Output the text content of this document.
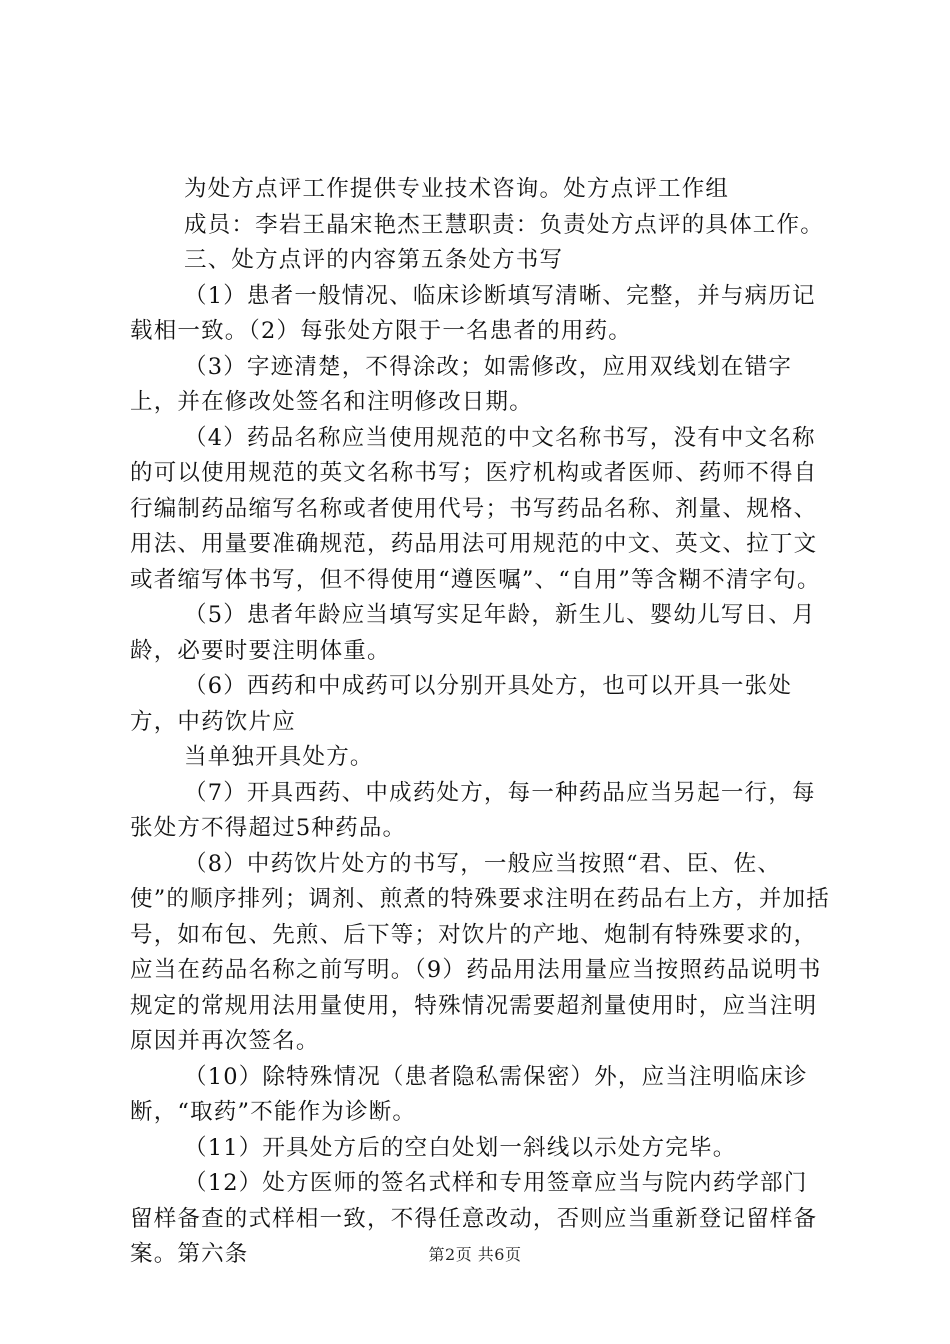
为处方点评工作提供专业技术咨询。处方点评工作组

成员：李岩王晶宋艳杰王慧职责：负责处方点评的具体工作。

三、处方点评的内容第五条处方书写

（1）患者一般情况、临床诊断填写清晰、完整，并与病历记载相一致。（2）每张处方限于一名患者的用药。

（3）字迹清楚，不得涂改；如需修改，应用双线划在错字上，并在修改处签名和注明修改日期。

（4）药品名称应当使用规范的中文名称书写，没有中文名称的可以使用规范的英文名称书写；医疗机构或者医师、药师不得自行编制药品缩写名称或者使用代号；书写药品名称、剂量、规格、用法、用量要准确规范，药品用法可用规范的中文、英文、拉丁文或者缩写体书写，但不得使用“遵医嘱”、“自用”等含糊不清字句。

（5）患者年龄应当填写实足年龄，新生儿、婴幼儿写日、月龄，必要时要注明体重。

（6）西药和中成药可以分别开具处方，也可以开具一张处方，中药饮片应

当单独开具处方。

（7）开具西药、中成药处方，每一种药品应当另起一行，每张处方不得超过5种药品。

（8）中药饮片处方的书写，一般应当按照“君、臣、佐、使”的顺序排列；调剂、煎煮的特殊要求注明在药品右上方，并加括号，如布包、先煎、后下等；对饮片的产地、炮制有特殊要求的，应当在药品名称之前写明。（9）药品用法用量应当按照药品说明书规定的常规用法用量使用，特殊情况需要超剂量使用时，应当注明原因并再次签名。

（10）除特殊情况（患者隐私需保密）外，应当注明临床诊断，“取药”不能作为诊断。

（11）开具处方后的空白处划一斜线以示处方完毕。

（12）处方医师的签名式样和专用签章应当与院内药学部门留样备查的式样相一致，不得任意改动，否则应当重新登记留样备案。第六条	第2页 共6页
